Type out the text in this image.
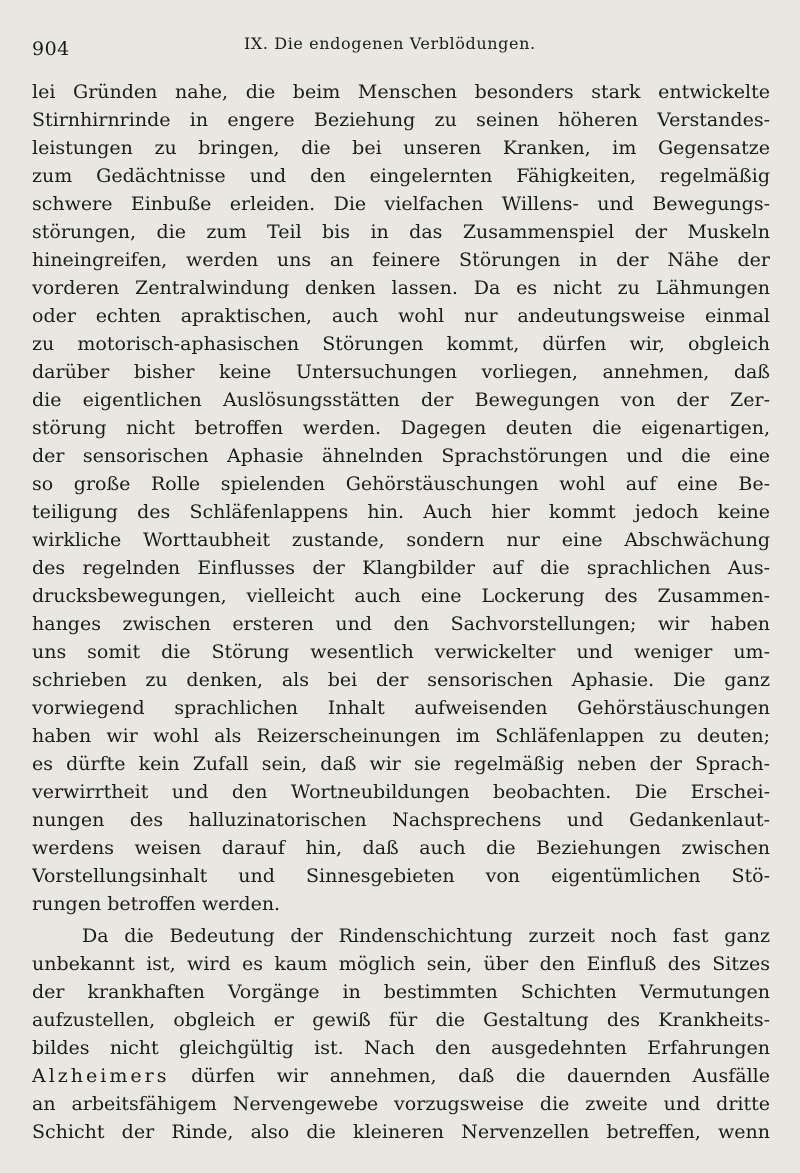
904	IX. Die endogenen Verblödungen.
lei Gründen nahe, die beim Menschen besonders stark entwickelte
Stirnhirnrinde in engere Beziehung zu seinen höheren Verstandes-
leistungen zu bringen, die bei unseren Kranken, im Gegensatze
zum Gedächtnisse und den eingelernten Fähigkeiten, regelmäßig
schwere Einbuße erleiden. Die vielfachen Willens- und Bewegungs-
störungen, die zum Teil bis in das Zusammenspiel der Muskeln
hineingreifen, werden uns an feinere Störungen in der Nähe der
vorderen Zentralwindung denken lassen. Da es nicht zu Lähmungen
oder echten apraktischen, auch wohl nur andeutungsweise einmal
zu motorisch-aphasischen Störungen kommt, dürfen wir, obgleich
darüber bisher keine Untersuchungen vorliegen, annehmen, daß
die eigentlichen Auslösungsstätten der Bewegungen von der Zer-
störung nicht betroffen werden. Dagegen deuten die eigenartigen,
der sensorischen Aphasie ähnelnden Sprachstörungen und die eine
so große Rolle spielenden Gehörstäuschungen wohl auf eine Be-
teiligung des Schläfenlappens hin. Auch hier kommt jedoch keine
wirkliche Worttaubheit zustande, sondern nur eine Abschwächung
des regelnden Einflusses der Klangbilder auf die sprachlichen Aus-
drucksbewegungen, vielleicht auch eine Lockerung des Zusammen-
hanges zwischen ersteren und den Sachvorstellungen; wir haben
uns somit die Störung wesentlich verwickelter und weniger um-
schrieben zu denken, als bei der sensorischen Aphasie. Die ganz
vorwiegend sprachlichen Inhalt aufweisenden Gehörstäuschungen
haben wir wohl als Reizerscheinungen im Schläfenlappen zu deuten;
es dürfte kein Zufall sein, daß wir sie regelmäßig neben der Sprach-
verwirrtheit und den Wortneubildungen beobachten. Die Erschei-
nungen des halluzinatorischen Nachsprechens und Gedankenlaut-
werdens weisen darauf hin, daß auch die Beziehungen zwischen
Vorstellungsinhalt und Sinnesgebieten von eigentümlichen Stö-
rungen betroffen werden.
Da die Bedeutung der Rindenschichtung zurzeit noch fast ganz
unbekannt ist, wird es kaum möglich sein, über den Einfluß des Sitzes
der krankhaften Vorgänge in bestimmten Schichten Vermutungen
aufzustellen, obgleich er gewiß für die Gestaltung des Krankheits-
bildes nicht gleichgültig ist. Nach den ausgedehnten Erfahrungen
Alzheimers dürfen wir annehmen, daß die dauernden Ausfälle
an arbeitsfähigem Nervengewebe vorzugsweise die zweite und dritte
Schicht der Rinde, also die kleineren Nervenzellen betreffen, wenn
